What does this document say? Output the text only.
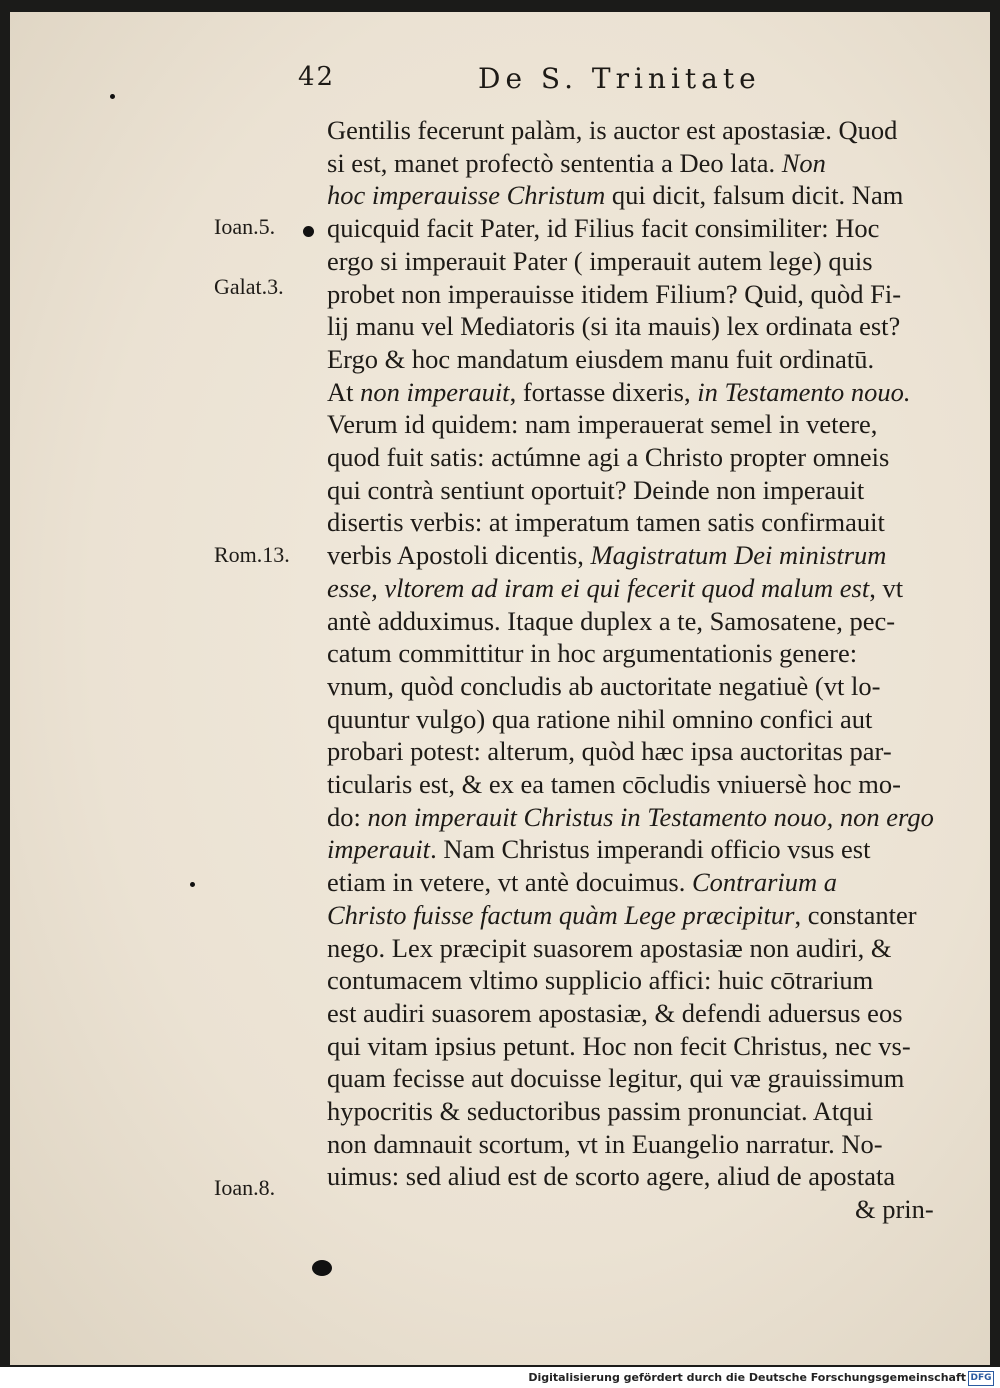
42	De S. Trinitate
Gentilis fecerunt palàm, is auctor est apostasiæ. Quod
si est, manet profectò sententia a Deo lata. Non
hoc imperauisse Christum qui dicit, falsum dicit. Nam
quicquid facit Pater, id Filius facit consimiliter: Hoc
ergo si imperauit Pater ( imperauit autem lege) quis
probet non imperauisse itidem Filium? Quid, quòd Fi-
lij manu vel Mediatoris (si ita mauis) lex ordinata est?
Ergo & hoc mandatum eiusdem manu fuit ordinatū.
At non imperauit, fortasse dixeris, in Testamento nouo.
Verum id quidem: nam imperauerat semel in vetere,
quod fuit satis: actúmne agi a Christo propter omneis
qui contrà sentiunt oportuit? Deinde non imperauit
disertis verbis: at imperatum tamen satis confirmauit
verbis Apostoli dicentis, Magistratum Dei ministrum
esse, vltorem ad iram ei qui fecerit quod malum est, vt
antè adduximus. Itaque duplex a te, Samosatene, pec-
catum committitur in hoc argumentationis genere:
vnum, quòd concludis ab auctoritate negatiuè (vt lo-
quuntur vulgo) qua ratione nihil omnino confici aut
probari potest: alterum, quòd hæc ipsa auctoritas par-
ticularis est, & ex ea tamen cōcludis vniuersè hoc mo-
do: non imperauit Christus in Testamento nouo, non ergo
imperauit. Nam Christus imperandi officio vsus est
etiam in vetere, vt antè docuimus. Contrarium a
Christo fuisse factum quàm Lege præcipitur, constanter
nego. Lex præcipit suasorem apostasiæ non audiri, &
contumacem vltimo supplicio affici: huic cōtrarium
est audiri suasorem apostasiæ, & defendi aduersus eos
qui vitam ipsius petunt. Hoc non fecit Christus, nec vs-
quam fecisse aut docuisse legitur, qui væ grauissimum
hypocritis & seductoribus passim pronunciat. Atqui
non damnauit scortum, vt in Euangelio narratur. No-
uimus: sed aliud est de scorto agere, aliud de apostata
& prin-
Ioan.5.
Galat.3.
Rom.13.
Ioan.8.
Digitalisierung gefördert durch die Deutsche Forschungsgemeinschaft DFG
